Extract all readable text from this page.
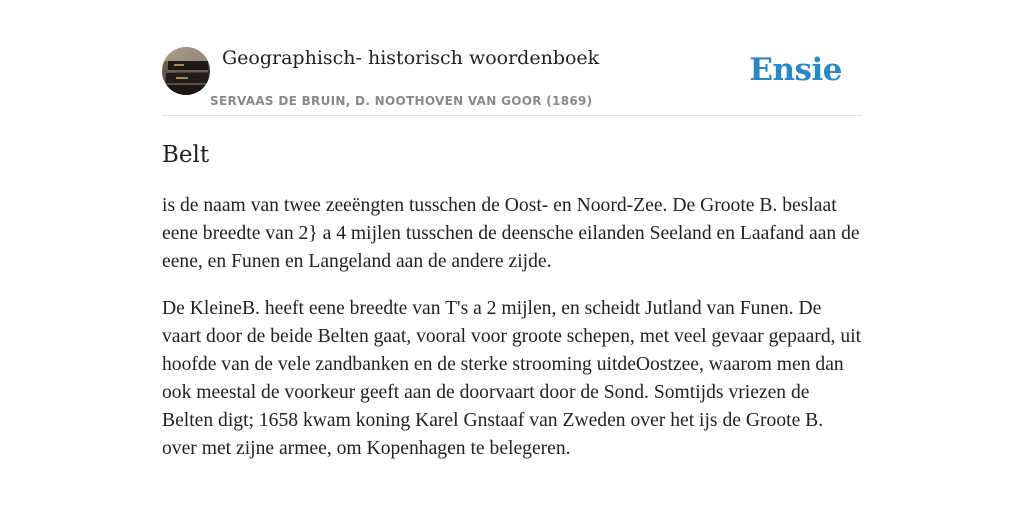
Geographisch- historisch woordenboek
SERVAAS DE BRUIN, D. NOOTHOVEN VAN GOOR (1869)
Ensie
Belt

is de naam van twee zeeëngten tusschen de Oost- en Noord-Zee. De Groote B. beslaat eene breedte van 2} a 4 mijlen tusschen de deensche eilanden Seeland en Laafand aan de eene, en Funen en Langeland aan de andere zijde.

De KleineB. heeft eene breedte van T's a 2 mijlen, en scheidt Jutland van Funen. De vaart door de beide Belten gaat, vooral voor groote schepen, met veel gevaar gepaard, uit hoofde van de vele zandbanken en de sterke strooming uitdeOostzee, waarom men dan ook meestal de voorkeur geeft aan de doorvaart door de Sond. Somtijds vriezen de Belten digt; 1658 kwam koning Karel Gnstaaf van Zweden over het ijs de Groote B. over met zijne armee, om Kopenhagen te belegeren.
